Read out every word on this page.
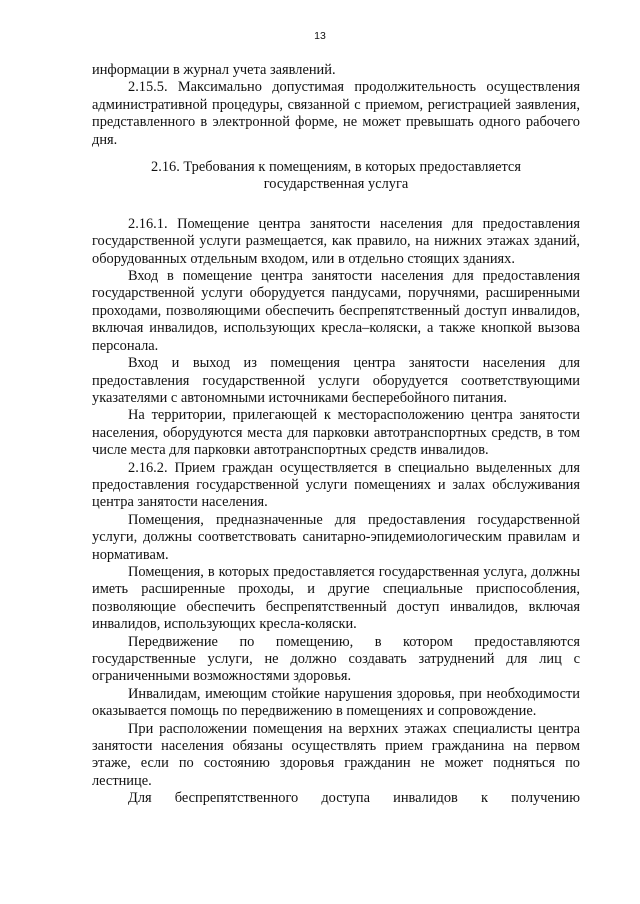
13

информации в журнал учета заявлений.

2.15.5. Максимально допустимая продолжительность осуществления административной процедуры, связанной с приемом, регистрацией заявления, представленного в электронной форме, не может превышать одного рабочего дня.

2.16. Требования к помещениям, в которых предоставляется
государственная услуга

2.16.1. Помещение центра занятости населения для предоставления государственной услуги размещается, как правило, на нижних этажах зданий, оборудованных отдельным входом, или в отдельно стоящих зданиях.

Вход в помещение центра занятости населения для предоставления государственной услуги оборудуется пандусами, поручнями, расширенными проходами, позволяющими обеспечить беспрепятственный доступ инвалидов, включая инвалидов, использующих кресла–коляски, а также кнопкой вызова персонала.

Вход и выход из помещения центра занятости населения для предоставления государственной услуги оборудуется соответствующими указателями с автономными источниками бесперебойного питания.

На территории, прилегающей к месторасположению центра занятости населения, оборудуются места для парковки автотранспортных средств, в том числе места для парковки автотранспортных средств инвалидов.

2.16.2. Прием граждан осуществляется в специально выделенных для предоставления государственной услуги помещениях и залах обслуживания центра занятости населения.

Помещения, предназначенные для предоставления государственной услуги, должны соответствовать санитарно-эпидемиологическим правилам и нормативам.

Помещения, в которых предоставляется государственная услуга, должны иметь расширенные проходы, и другие специальные приспособления, позволяющие обеспечить беспрепятственный доступ инвалидов, включая инвалидов, использующих кресла-коляски.

Передвижение по помещению, в котором предоставляются государственные услуги, не должно создавать затруднений для лиц с ограниченными возможностями здоровья.

Инвалидам, имеющим стойкие нарушения здоровья, при необходимости оказывается помощь по передвижению в помещениях и сопровождение.

При расположении помещения на верхних этажах специалисты центра занятости населения обязаны осуществлять прием гражданина на первом этаже, если по состоянию здоровья гражданин не может подняться по лестнице.

Для беспрепятственного доступа инвалидов к получению
